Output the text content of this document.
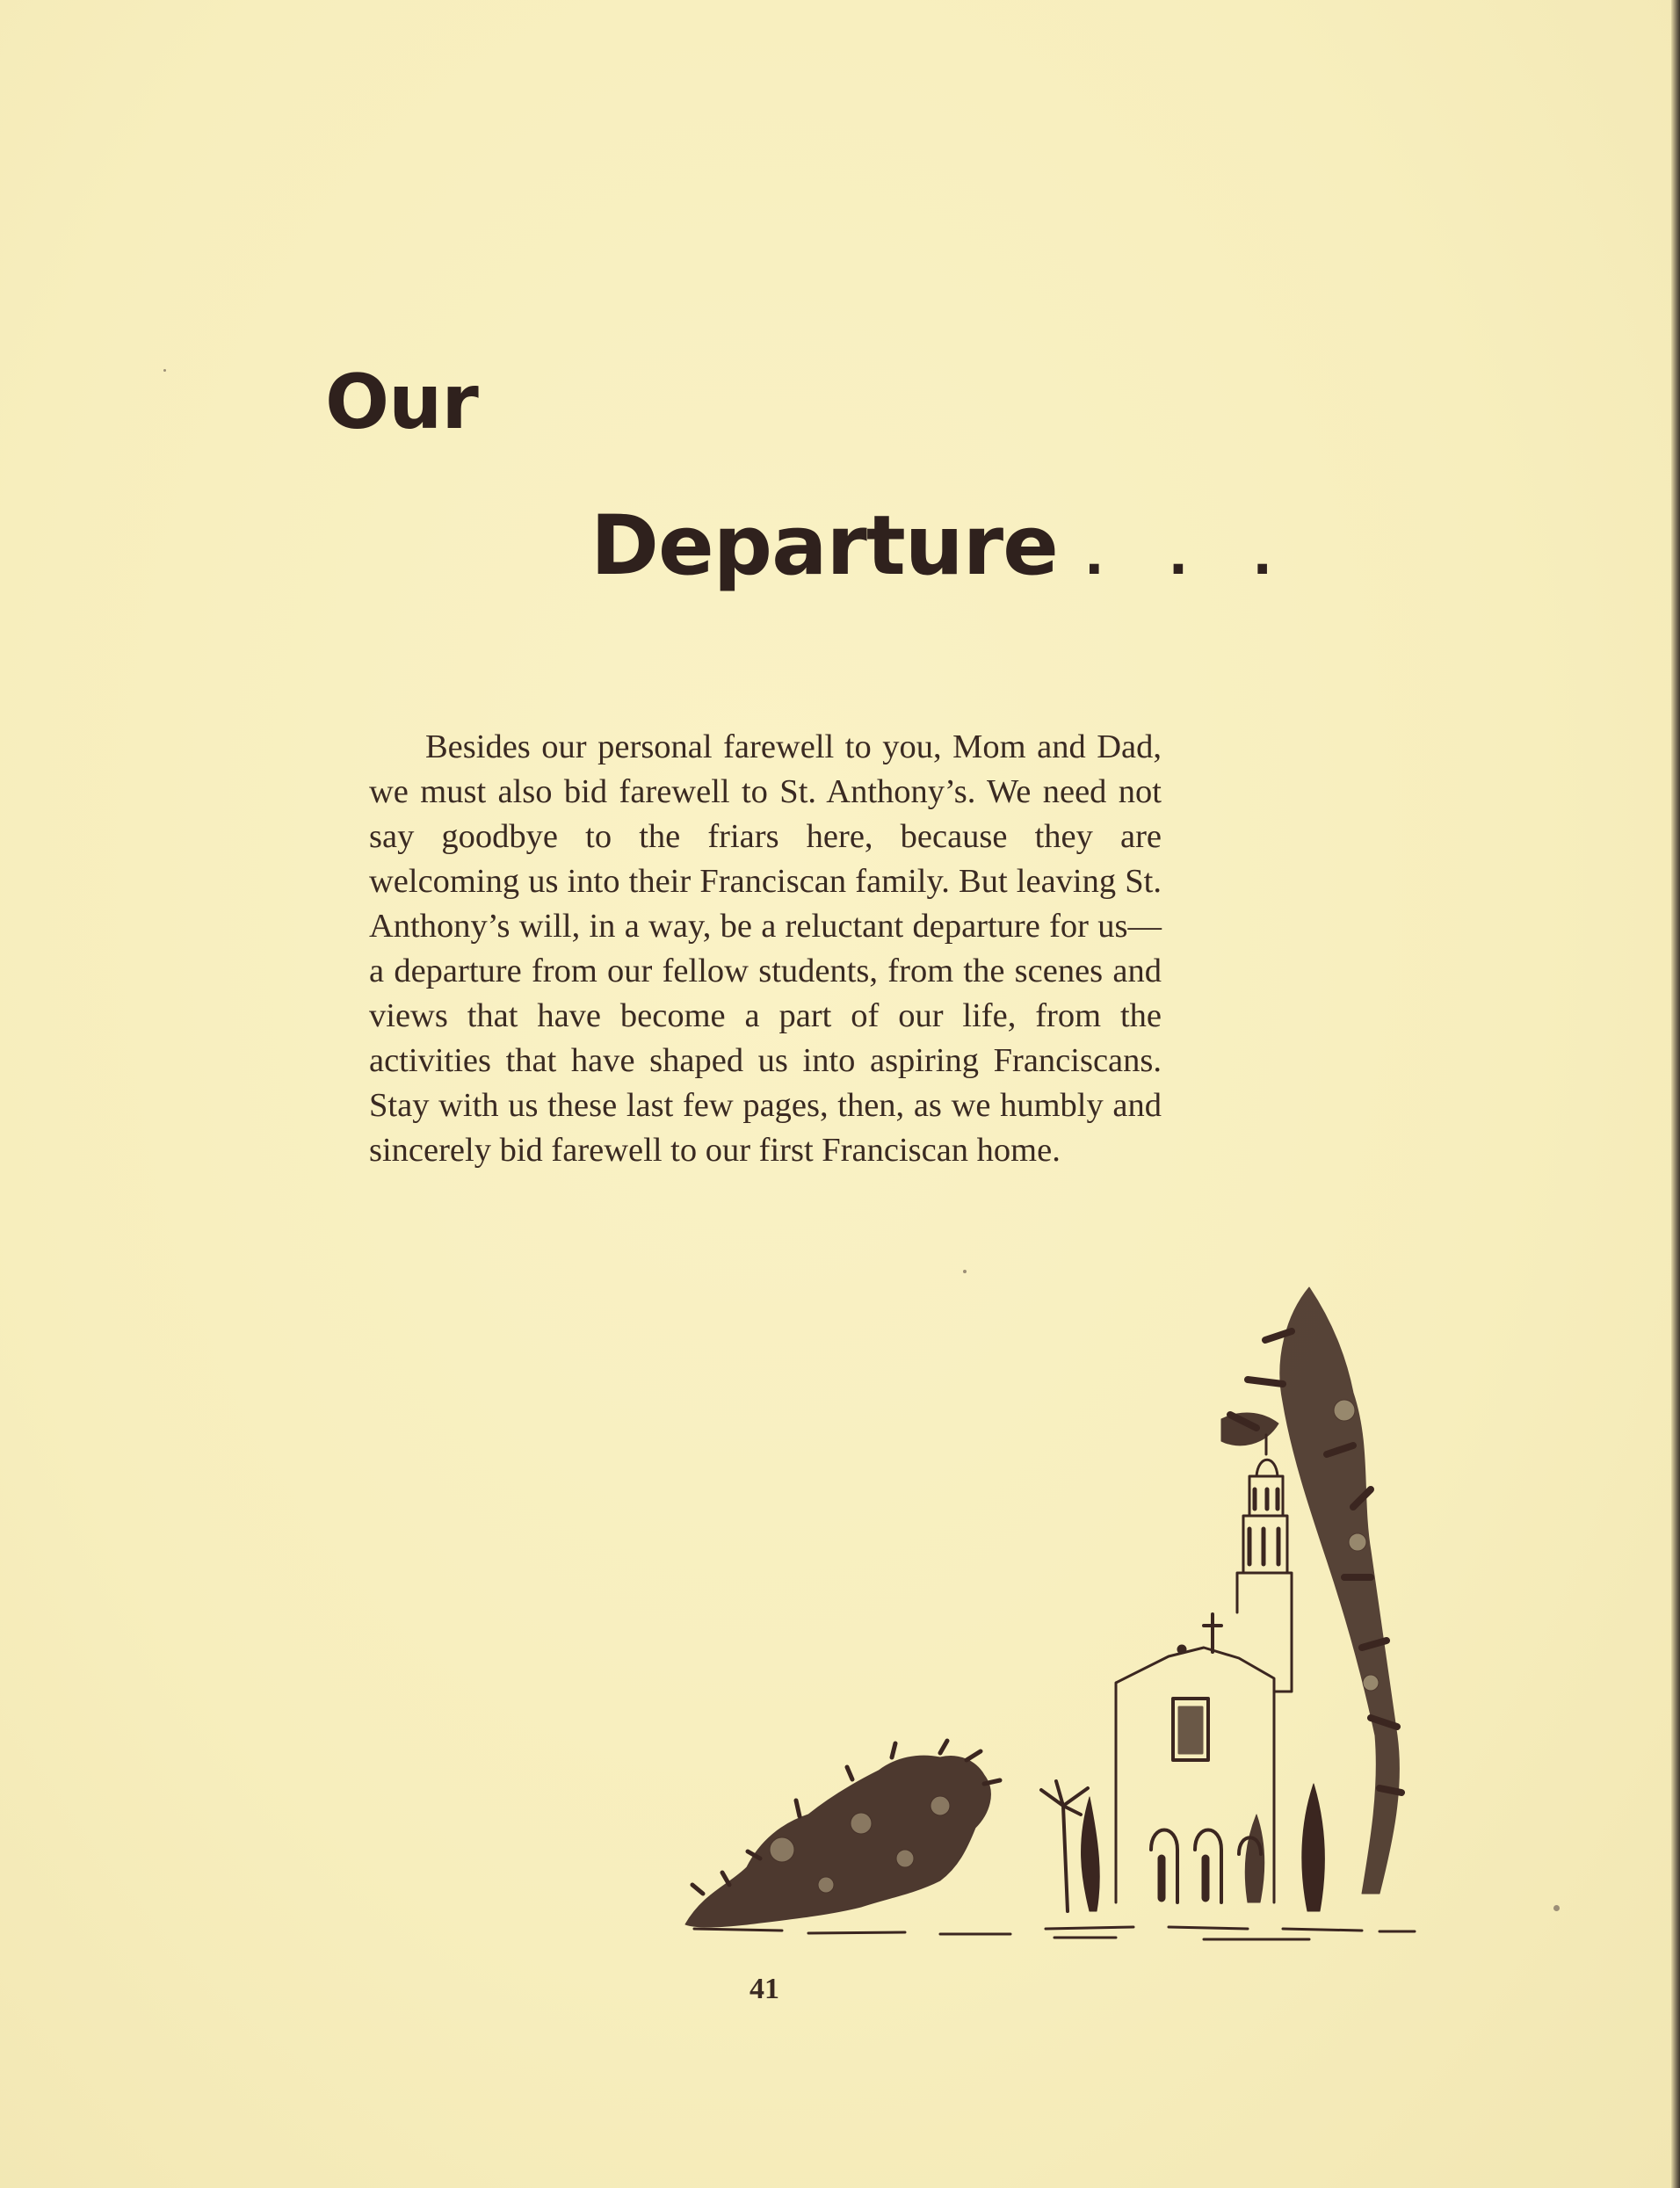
Our
Departure . . .

Besides our personal farewell to you, Mom and Dad, we must also bid farewell to St. Anthony’s. We need not say goodbye to the friars here, because they are welcoming us into their Franciscan family. But leaving St. Anthony’s will, in a way, be a reluctant departure for us— a departure from our fellow students, from the scenes and views that have become a part of our life, from the activities that have shaped us into aspiring Franciscans. Stay with us these last few pages, then, as we humbly and sincerely bid farewell to our first Franciscan home.

41
